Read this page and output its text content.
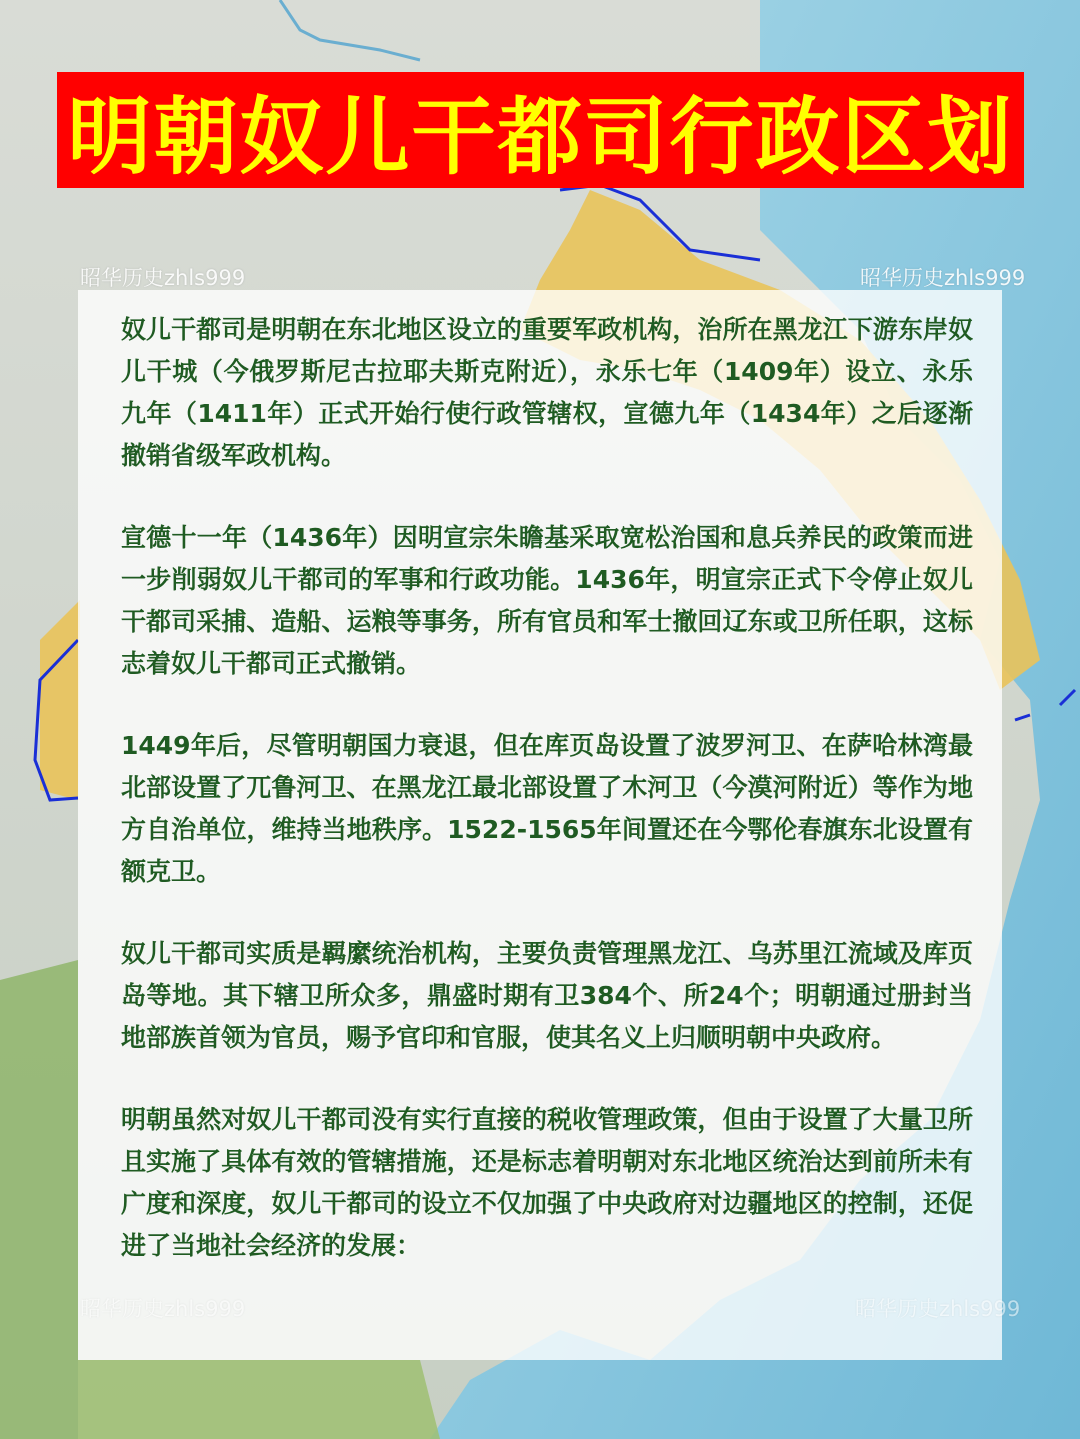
明朝奴儿干都司行政区划
昭华历史zhls999	昭华历史zhls999
昭华历史zhls999	昭华历史zhls999

奴儿干都司是明朝在东北地区设立的重要军政机构，治所在黑龙江下游东岸奴儿干城（今俄罗斯尼古拉耶夫斯克附近），永乐七年（1409年）设立、永乐九年（1411年）正式开始行使行政管辖权，宣德九年（1434年）之后逐渐撤销省级军政机构。

宣德十一年（1436年）因明宣宗朱瞻基采取宽松治国和息兵养民的政策而进一步削弱奴儿干都司的军事和行政功能。1436年，明宣宗正式下令停止奴儿干都司采捕、造船、运粮等事务，所有官员和军士撤回辽东或卫所任职，这标志着奴儿干都司正式撤销。

1449年后，尽管明朝国力衰退，但在库页岛设置了波罗河卫、在萨哈林湾最北部设置了兀鲁河卫、在黑龙江最北部设置了木河卫（今漠河附近）等作为地方自治单位，维持当地秩序。1522-1565年间置还在今鄂伦春旗东北设置有额克卫。

奴儿干都司实质是羁縻统治机构，主要负责管理黑龙江、乌苏里江流域及库页岛等地。其下辖卫所众多，鼎盛时期有卫384个、所24个；明朝通过册封当地部族首领为官员，赐予官印和官服，使其名义上归顺明朝中央政府。

明朝虽然对奴儿干都司没有实行直接的税收管理政策，但由于设置了大量卫所且实施了具体有效的管辖措施，还是标志着明朝对东北地区统治达到前所未有广度和深度，奴儿干都司的设立不仅加强了中央政府对边疆地区的控制，还促进了当地社会经济的发展：
